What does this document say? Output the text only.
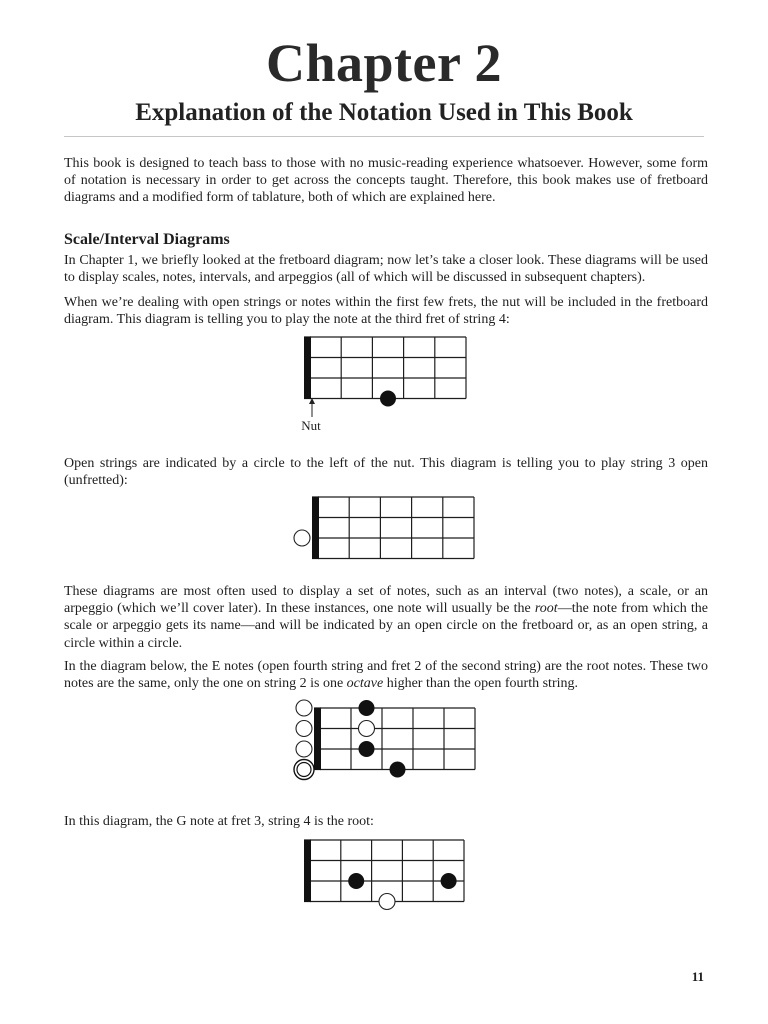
Chapter 2
Explanation of the Notation Used in This Book

This book is designed to teach bass to those with no music-reading experience whatsoever. However, some form of notation is necessary in order to get across the concepts taught. Therefore, this book makes use of fretboard diagrams and a modified form of tablature, both of which are explained here.

Scale/Interval Diagrams

In Chapter 1, we briefly looked at the fretboard diagram; now let’s take a closer look. These diagrams will be used to display scales, notes, intervals, and arpeggios (all of which will be discussed in subsequent chapters).

When we’re dealing with open strings or notes within the first few frets, the nut will be included in the fretboard diagram. This diagram is telling you to play the note at the third fret of string 4:

Nut

Open strings are indicated by a circle to the left of the nut. This diagram is telling you to play string 3 open (unfretted):

These diagrams are most often used to display a set of notes, such as an interval (two notes), a scale, or an arpeggio (which we’ll cover later). In these instances, one note will usually be the root—the note from which the scale or arpeggio gets its name—and will be indicated by an open circle on the fretboard or, as an open string, a circle within a circle.

In the diagram below, the E notes (open fourth string and fret 2 of the second string) are the root notes. These two notes are the same, only the one on string 2 is one octave higher than the open fourth string.

In this diagram, the G note at fret 3, string 4 is the root:

11
